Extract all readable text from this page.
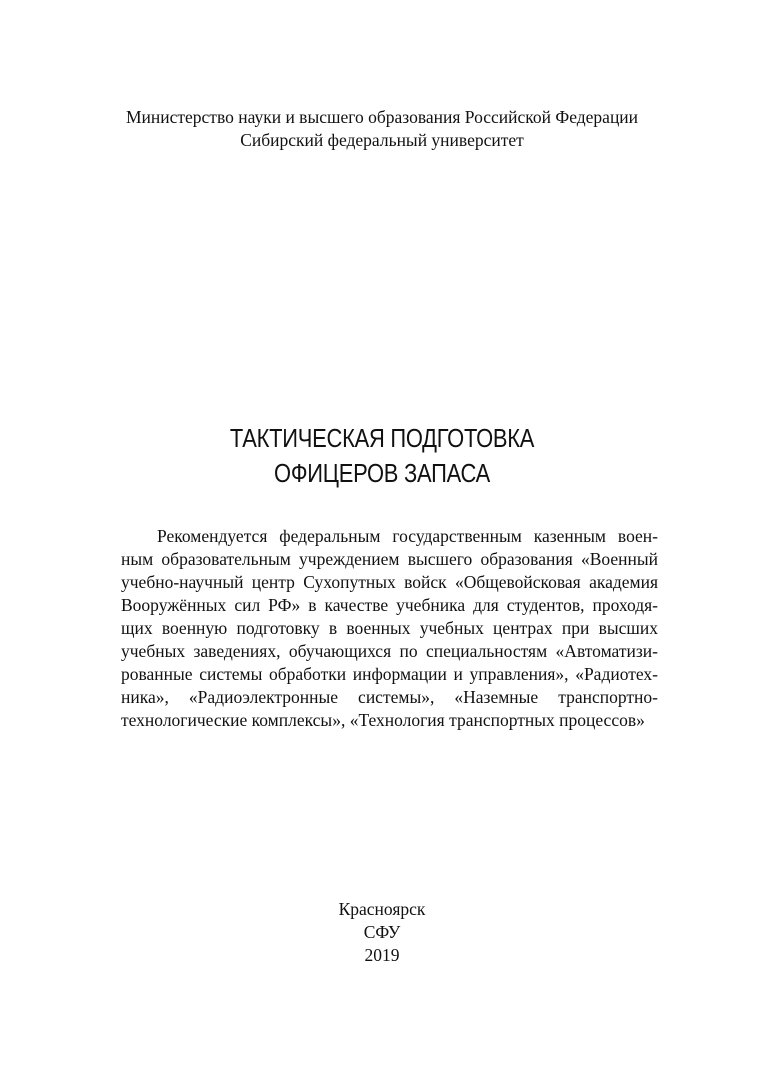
Министерство науки и высшего образования Российской Федерации
Сибирский федеральный университет
ТАКТИЧЕСКАЯ ПОДГОТОВКА
ОФИЦЕРОВ ЗАПАСА
Рекомендуется федеральным государственным казенным воен-
ным образовательным учреждением высшего образования «Военный
учебно-научный центр Сухопутных войск «Общевойсковая академия
Вооружённых сил РФ» в качестве учебника для студентов, проходя-
щих военную подготовку в военных учебных центрах при высших
учебных заведениях, обучающихся по специальностям «Автоматизи-
рованные системы обработки информации и управления», «Радиотех-
ника», «Радиоэлектронные системы», «Наземные транспортно-
технологические комплексы», «Технология транспортных процессов»
Красноярск
СФУ
2019
